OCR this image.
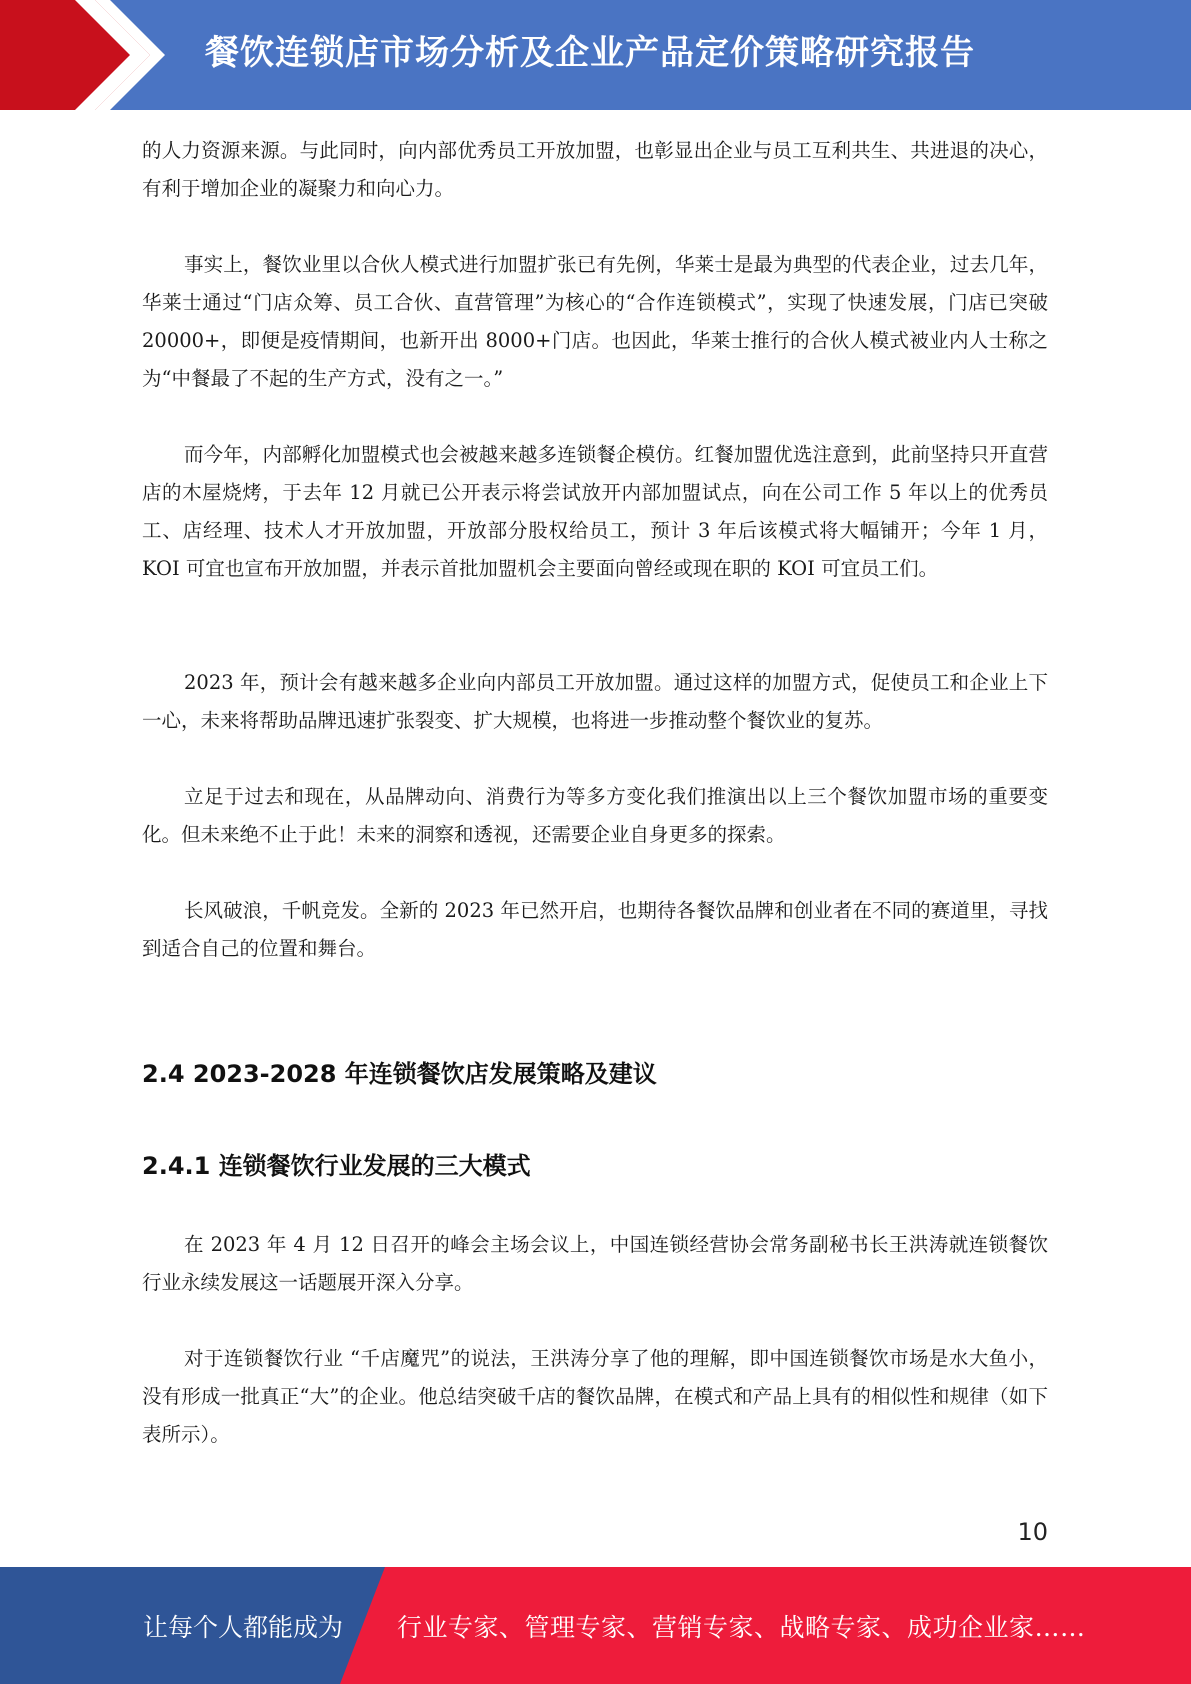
餐饮连锁店市场分析及企业产品定价策略研究报告

的人力资源来源。与此同时，向内部优秀员工开放加盟，也彰显出企业与员工互利共生、共进退的决心，有利于增加企业的凝聚力和向心力。

事实上，餐饮业里以合伙人模式进行加盟扩张已有先例，华莱士是最为典型的代表企业，过去几年，华莱士通过“门店众筹、员工合伙、直营管理”为核心的“合作连锁模式”，实现了快速发展，门店已突破 20000+，即便是疫情期间，也新开出 8000+门店。也因此，华莱士推行的合伙人模式被业内人士称之为“中餐最了不起的生产方式，没有之一。”

而今年，内部孵化加盟模式也会被越来越多连锁餐企模仿。红餐加盟优选注意到，此前坚持只开直营店的木屋烧烤，于去年 12 月就已公开表示将尝试放开内部加盟试点，向在公司工作 5 年以上的优秀员工、店经理、技术人才开放加盟，开放部分股权给员工，预计 3 年后该模式将大幅铺开；今年 1 月，KOI 可宜也宣布开放加盟，并表示首批加盟机会主要面向曾经或现在职的 KOI 可宜员工们。

2023 年，预计会有越来越多企业向内部员工开放加盟。通过这样的加盟方式，促使员工和企业上下一心，未来将帮助品牌迅速扩张裂变、扩大规模，也将进一步推动整个餐饮业的复苏。

立足于过去和现在，从品牌动向、消费行为等多方变化我们推演出以上三个餐饮加盟市场的重要变化。但未来绝不止于此！未来的洞察和透视，还需要企业自身更多的探索。

长风破浪，千帆竞发。全新的 2023 年已然开启，也期待各餐饮品牌和创业者在不同的赛道里，寻找到适合自己的位置和舞台。

2.4 2023-2028 年连锁餐饮店发展策略及建议
2.4.1 连锁餐饮行业发展的三大模式

在 2023 年 4 月 12 日召开的峰会主场会议上，中国连锁经营协会常务副秘书长王洪涛就连锁餐饮行业永续发展这一话题展开深入分享。

对于连锁餐饮行业 “千店魔咒”的说法，王洪涛分享了他的理解，即中国连锁餐饮市场是水大鱼小，没有形成一批真正“大”的企业。他总结突破千店的餐饮品牌，在模式和产品上具有的相似性和规律（如下表所示）。

10
让每个人都能成为 行业专家、管理专家、营销专家、战略专家、成功企业家……
